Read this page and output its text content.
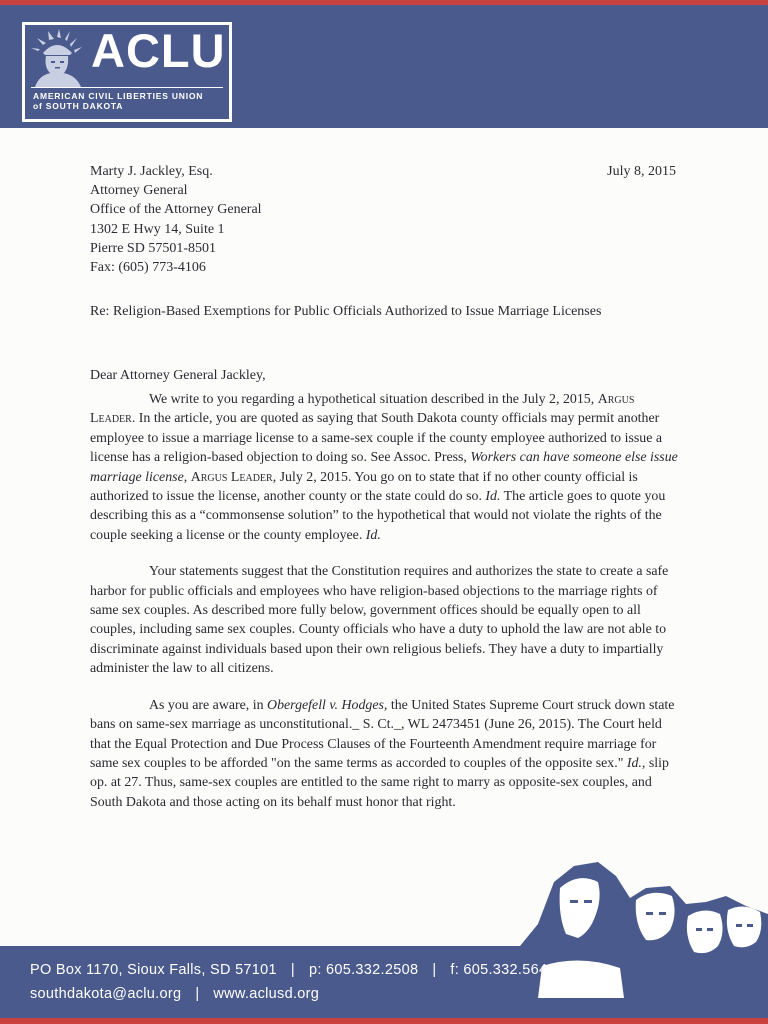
ACLU
AMERICAN CIVIL LIBERTIES UNION
of SOUTH DAKOTA
Marty J. Jackley, Esq.
Attorney General
Office of the Attorney General
1302 E Hwy 14, Suite 1
Pierre SD 57501-8501
Fax: (605) 773-4106
July 8, 2015
Re: Religion-Based Exemptions for Public Officials Authorized to Issue Marriage Licenses
Dear Attorney General Jackley,

We write to you regarding a hypothetical situation described in the July 2, 2015, Argus Leader. In the article, you are quoted as saying that South Dakota county officials may permit another employee to issue a marriage license to a same-sex couple if the county employee authorized to issue a license has a religion-based objection to doing so. See Assoc. Press, Workers can have someone else issue marriage license, Argus Leader, July 2, 2015. You go on to state that if no other county official is authorized to issue the license, another county or the state could do so. Id. The article goes to quote you describing this as a “commonsense solution” to the hypothetical that would not violate the rights of the couple seeking a license or the county employee. Id.

Your statements suggest that the Constitution requires and authorizes the state to create a safe harbor for public officials and employees who have religion-based objections to the marriage rights of same sex couples. As described more fully below, government offices should be equally open to all couples, including same sex couples. County officials who have a duty to uphold the law are not able to discriminate against individuals based upon their own religious beliefs. They have a duty to impartially administer the law to all citizens.

As you are aware, in Obergefell v. Hodges, the United States Supreme Court struck down state bans on same-sex marriage as unconstitutional._ S. Ct._, WL 2473451 (June 26, 2015). The Court held that the Equal Protection and Due Process Clauses of the Fourteenth Amendment require marriage for same sex couples to be afforded "on the same terms as accorded to couples of the opposite sex." Id., slip op. at 27. Thus, same-sex couples are entitled to the same right to marry as opposite-sex couples, and South Dakota and those acting on its behalf must honor that right.

PO Box 1170, Sioux Falls, SD 57101 | p: 605.332.2508 | f: 605.332.5648
southdakota@aclu.org | www.aclusd.org
